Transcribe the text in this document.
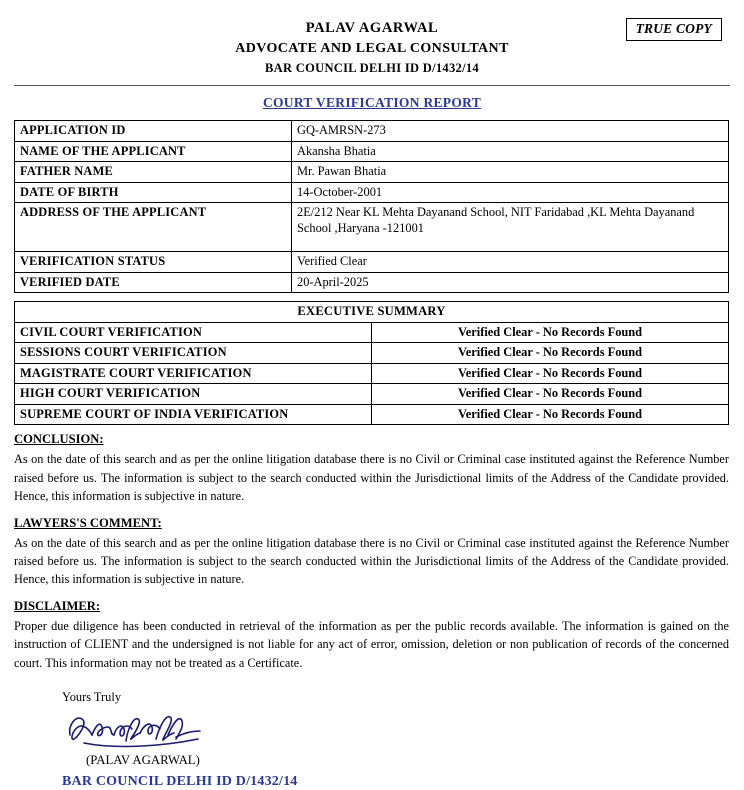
TRUE COPY
PALAV AGARWAL
ADVOCATE AND LEGAL CONSULTANT
BAR COUNCIL DELHI ID D/1432/14
COURT VERIFICATION REPORT
APPLICATION ID	GQ-AMRSN-273
NAME OF THE APPLICANT	Akansha Bhatia
FATHER NAME	Mr. Pawan Bhatia
DATE OF BIRTH	14-October-2001
ADDRESS OF THE APPLICANT	2E/212 Near KL Mehta Dayanand School, NIT Faridabad ,KL Mehta Dayanand School ,Haryana -121001
VERIFICATION STATUS	Verified Clear
VERIFIED DATE	20-April-2025
EXECUTIVE SUMMARY	
CIVIL COURT VERIFICATION	Verified Clear - No Records Found
SESSIONS COURT VERIFICATION	Verified Clear - No Records Found
MAGISTRATE COURT VERIFICATION	Verified Clear - No Records Found
HIGH COURT VERIFICATION	Verified Clear - No Records Found
SUPREME COURT OF INDIA VERIFICATION	Verified Clear - No Records Found
CONCLUSION:
As on the date of this search and as per the online litigation database there is no Civil or Criminal case instituted against the Reference Number raised before us. The information is subject to the search conducted within the Jurisdictional limits of the Address of the Candidate provided. Hence, this information is subjective in nature.
LAWYERS'S COMMENT:
As on the date of this search and as per the online litigation database there is no Civil or Criminal case instituted against the Reference Number raised before us. The information is subject to the search conducted within the Jurisdictional limits of the Address of the Candidate provided. Hence, this information is subjective in nature.
DISCLAIMER:
Proper due diligence has been conducted in retrieval of the information as per the public records available. The information is gained on the instruction of CLIENT and the undersigned is not liable for any act of error, omission, deletion or non publication of records of the concerned court. This information may not be treated as a Certificate.
Yours Truly
(PALAV AGARWAL)
BAR COUNCIL DELHI ID D/1432/14
